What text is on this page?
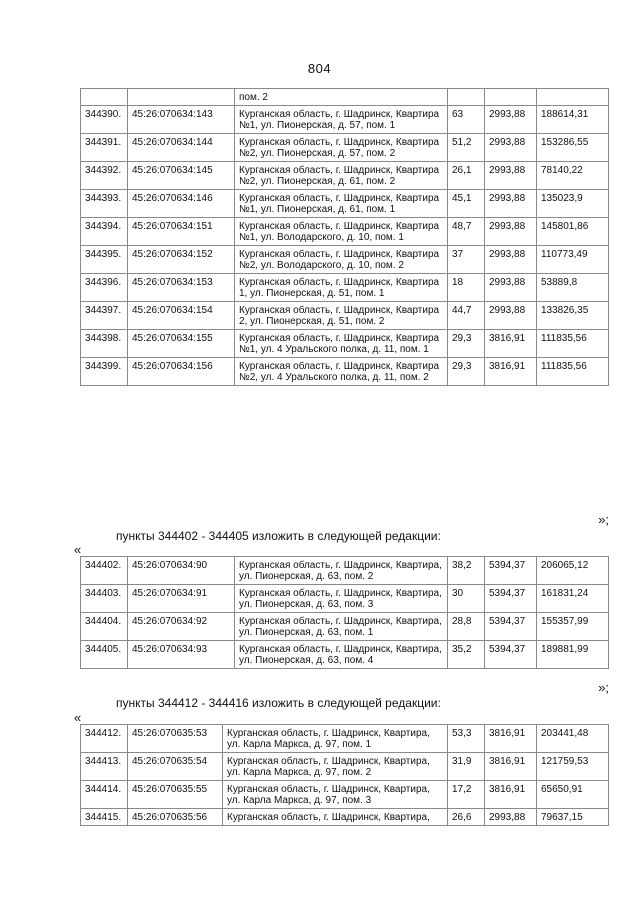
804
		пом. 2			
344390.	45:26:070634:143	Курганская область, г. Шадринск, Квартира №1, ул. Пионерская, д. 57, пом. 1	63	2993,88	188614,31
344391.	45:26:070634:144	Курганская область, г. Шадринск, Квартира №2, ул. Пионерская, д. 57, пом. 2	51,2	2993,88	153286,55
344392.	45:26:070634:145	Курганская область, г. Шадринск, Квартира №2, ул. Пионерская, д. 61, пом. 2	26,1	2993,88	78140,22
344393.	45:26:070634:146	Курганская область, г. Шадринск, Квартира №1, ул. Пионерская, д. 61, пом. 1	45,1	2993,88	135023,9
344394.	45:26:070634:151	Курганская область, г. Шадринск, Квартира №1, ул. Володарского, д. 10, пом. 1	48,7	2993,88	145801,86
344395.	45:26:070634:152	Курганская область, г. Шадринск, Квартира №2, ул. Володарского, д. 10, пом. 2	37	2993,88	110773,49
344396.	45:26:070634:153	Курганская область, г. Шадринск, Квартира 1, ул. Пионерская, д. 51, пом. 1	18	2993,88	53889,8
344397.	45:26:070634:154	Курганская область, г. Шадринск, Квартира 2, ул. Пионерская, д. 51, пом. 2	44,7	2993,88	133826,35
344398.	45:26:070634:155	Курганская область, г. Шадринск, Квартира №1, ул. 4 Уральского полка, д. 11, пом. 1	29,3	3816,91	111835,56
344399.	45:26:070634:156	Курганская область, г. Шадринск, Квартира №2, ул. 4 Уральского полка, д. 11, пом. 2	29,3	3816,91	111835,56
»;
пункты 344402 - 344405 изложить в следующей редакции:
«
344402.	45:26:070634:90	Курганская область, г. Шадринск, Квартира, ул. Пионерская, д. 63, пом. 2	38,2	5394,37	206065,12
344403.	45:26:070634:91	Курганская область, г. Шадринск, Квартира, ул. Пионерская, д. 63, пом. 3	30	5394,37	161831,24
344404.	45:26:070634:92	Курганская область, г. Шадринск, Квартира, ул. Пионерская, д. 63, пом. 1	28,8	5394,37	155357,99
344405.	45:26:070634:93	Курганская область, г. Шадринск, Квартира, ул. Пионерская, д. 63, пом. 4	35,2	5394,37	189881,99
»;
пункты 344412 - 344416 изложить в следующей редакции:
«
344412.	45:26:070635:53	Курганская область, г. Шадринск, Квартира, ул. Карла Маркса, д. 97, пом. 1	53,3	3816,91	203441,48
344413.	45:26:070635:54	Курганская область, г. Шадринск, Квартира, ул. Карла Маркса, д. 97, пом. 2	31,9	3816,91	121759,53
344414.	45:26:070635:55	Курганская область, г. Шадринск, Квартира, ул. Карла Маркса, д. 97, пом. 3	17,2	3816,91	65650,91
344415.	45:26:070635:56	Курганская область, г. Шадринск, Квартира,	26,6	2993,88	79637,15
